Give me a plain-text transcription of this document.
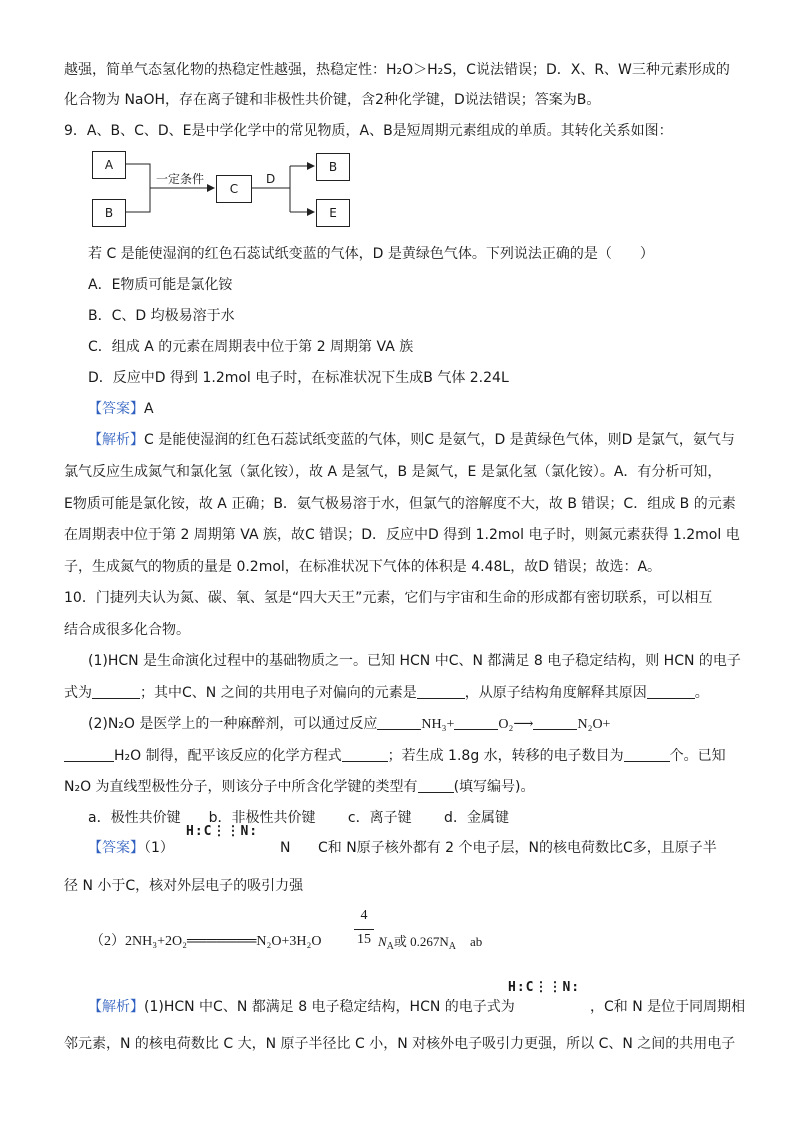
越强，简单气态氢化物的热稳定性越强，热稳定性：H₂O＞H₂S，C说法错误；D．X、R、W三种元素形成的
化合物为 NaOH，存在离子键和非极性共价键，含2种化学键，D说法错误；答案为B。
9．A、B、C、D、E是中学化学中的常见物质，A、B是短周期元素组成的单质。其转化关系如图：
A
B
C
B
E
一定条件	D
若 C 是能使湿润的红色石蕊试纸变蓝的气体，D 是黄绿色气体。下列说法正确的是（　　）
A．E物质可能是氯化铵
B．C、D 均极易溶于水
C．组成 A 的元素在周期表中位于第 2 周期第 VA 族
D．反应中D 得到 1.2mol 电子时，在标准状况下生成B 气体 2.24L
【答案】A
【解析】C 是能使湿润的红色石蕊试纸变蓝的气体，则C 是氨气，D 是黄绿色气体，则D 是氯气，氨气与
氯气反应生成氮气和氯化氢（氯化铵），故 A 是氢气，B 是氮气，E 是氯化氢（氯化铵）。A．有分析可知，
E物质可能是氯化铵，故 A 正确；B．氨气极易溶于水，但氯气的溶解度不大，故 B 错误；C．组成 B 的元素
在周期表中位于第 2 周期第 VA 族，故C 错误；D．反应中D 得到 1.2mol 电子时，则氮元素获得 1.2mol 电
子，生成氮气的物质的量是 0.2mol，在标准状况下气体的体积是 4.48L，故D 错误；故选：A。
10．门捷列夫认为氮、碳、氧、氢是“四大天王”元素，它们与宇宙和生命的形成都有密切联系，可以相互
结合成很多化合物。
(1)HCN 是生命演化过程中的基础物质之一。已知 HCN 中C、N 都满足 8 电子稳定结构，则 HCN 的电子
式为	；其中C、N 之间的共用电子对偏向的元素是	，从原子结构角度解释其原因	。
(2)N₂O 是医学上的一种麻醉剂，可以通过反应	NH₃+	O₂⟶	N₂O+
H₂O 制得，配平该反应的化学方程式	；若生成 1.8g 水，转移的电子数目为	个。已知
N₂O 为直线型极性分子，则该分子中所含化学键的类型有	(填写编号)。
a．极性共价键　　b．非极性共价键　　 c．离子键　　 d．金属键
【答案】（1）
H:C⋮⋮N:
N C和 N原子核外都有 2 个电子层，N的核电荷数比C多，且原子半
径 N 小于C，核对外层电子的吸引力强
（2）2NH₃+2O₂═══════N₂O+3H₂O
4
15 $N_A$或 $0.267N_A$ ab
【解析】(1)HCN 中C、N 都满足 8 电子稳定结构，HCN 的电子式为
H:C⋮⋮N:
，C和 N 是位于同周期相
邻元素，N 的核电荷数比 C 大，N 原子半径比 C 小，N 对核外电子吸引力更强，所以 C、N 之间的共用电子
